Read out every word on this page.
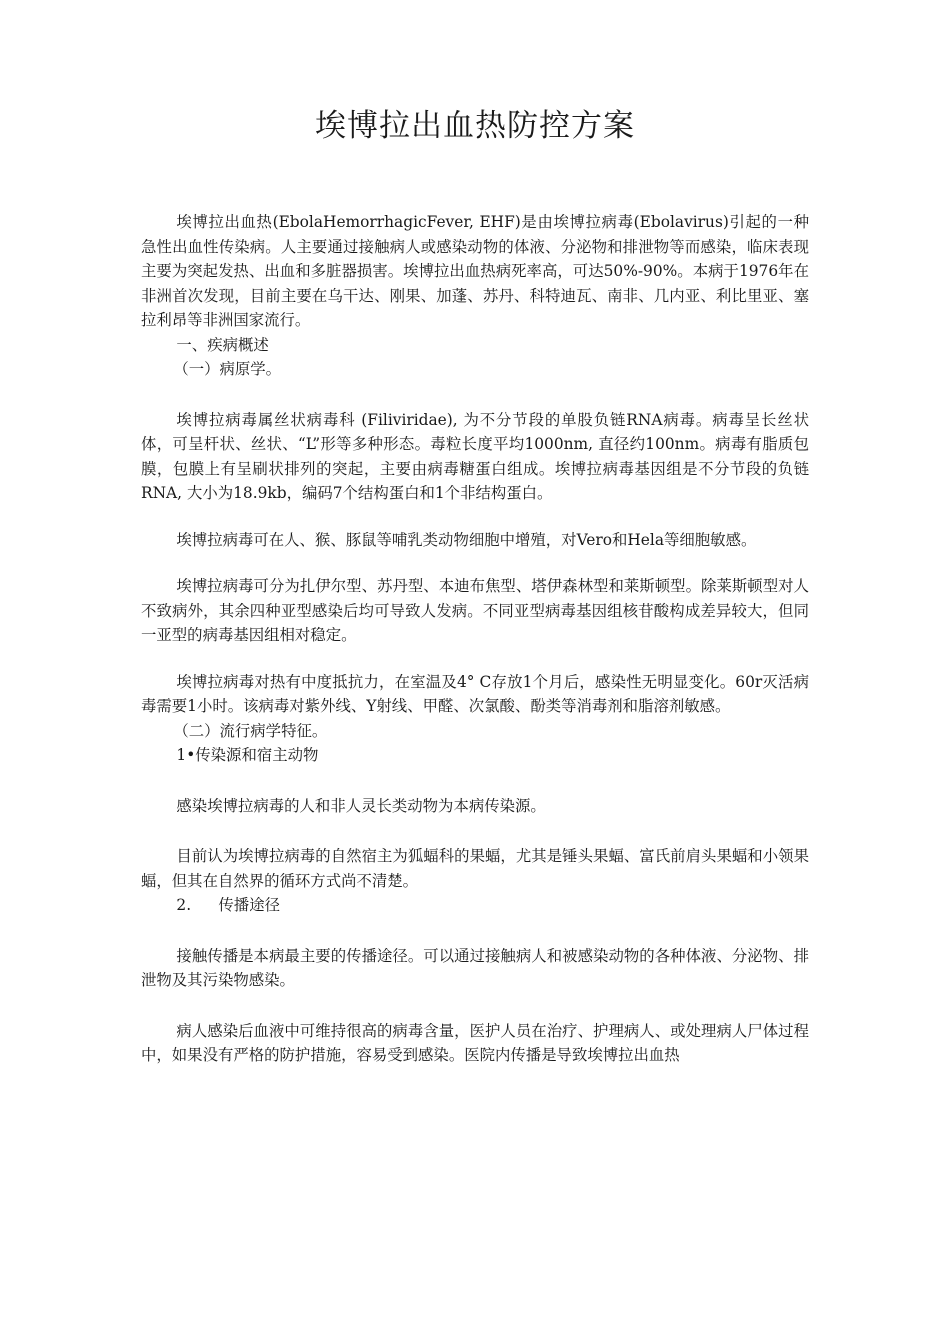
埃博拉出血热防控方案

埃博拉出血热(EbolaHemorrhagicFever, EHF)是由埃博拉病毒(Ebolavirus)引起的一种急性出血性传染病。人主要通过接触病人或感染动物的体液、分泌物和排泄物等而感染，临床表现主要为突起发热、出血和多脏器损害。埃博拉出血热病死率高，可达50%-90%。本病于1976年在非洲首次发现，目前主要在乌干达、刚果、加蓬、苏丹、科特迪瓦、南非、几内亚、利比里亚、塞拉利昂等非洲国家流行。

一、疾病概述

（一）病原学。

埃博拉病毒属丝状病毒科 (Filiviridae), 为不分节段的单股负链RNA病毒。病毒呈长丝状体，可呈杆状、丝状、“L”形等多种形态。毒粒长度平均1000nm, 直径约100nm。病毒有脂质包膜，包膜上有呈刷状排列的突起，主要由病毒糖蛋白组成。埃博拉病毒基因组是不分节段的负链RNA, 大小为18.9kb，编码7个结构蛋白和1个非结构蛋白。

埃博拉病毒可在人、猴、豚鼠等哺乳类动物细胞中增殖，对Vero和Hela等细胞敏感。

埃博拉病毒可分为扎伊尔型、苏丹型、本迪布焦型、塔伊森林型和莱斯顿型。除莱斯顿型对人不致病外，其余四种亚型感染后均可导致人发病。不同亚型病毒基因组核苷酸构成差异较大，但同一亚型的病毒基因组相对稳定。

埃博拉病毒对热有中度抵抗力，在室温及4° C存放1个月后，感染性无明显变化。60r灭活病毒需要1小时。该病毒对紫外线、Y射线、甲醛、次氯酸、酚类等消毒剂和脂溶剂敏感。

（二）流行病学特征。

1•传染源和宿主动物

感染埃博拉病毒的人和非人灵长类动物为本病传染源。

目前认为埃博拉病毒的自然宿主为狐蝠科的果蝠，尤其是锤头果蝠、富氏前肩头果蝠和小领果蝠，但其在自然界的循环方式尚不清楚。

2. 传播途径

接触传播是本病最主要的传播途径。可以通过接触病人和被感染动物的各种体液、分泌物、排泄物及其污染物感染。

病人感染后血液中可维持很高的病毒含量，医护人员在治疗、护理病人、或处理病人尸体过程中，如果没有严格的防护措施，容易受到感染。医院内传播是导致埃博拉出血热
